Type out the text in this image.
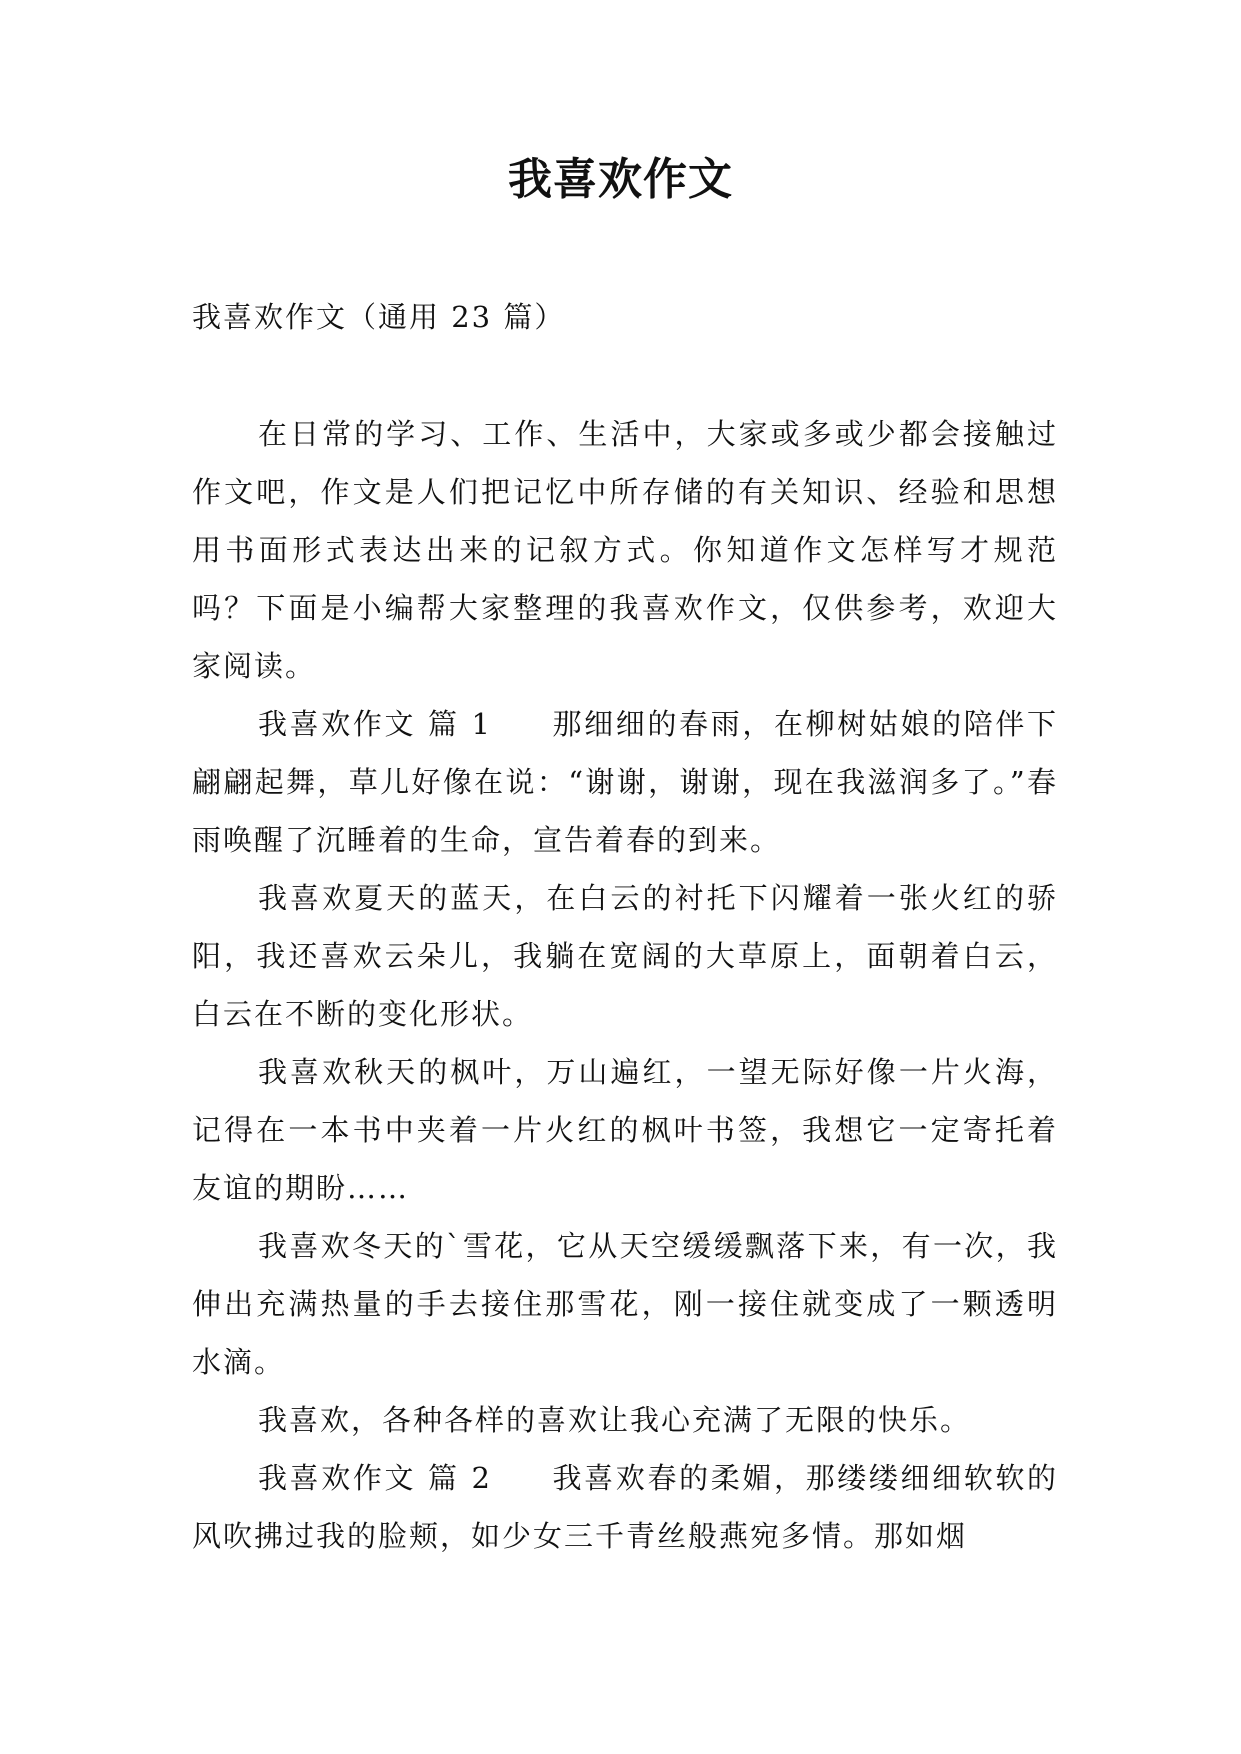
我喜欢作文
我喜欢作文（通用 23 篇）

在日常的学习、工作、生活中，大家或多或少都会接触过作文吧，作文是人们把记忆中所存储的有关知识、经验和思想用书面形式表达出来的记叙方式。你知道作文怎样写才规范吗？下面是小编帮大家整理的我喜欢作文，仅供参考，欢迎大家阅读。

我喜欢作文 篇 1 那细细的春雨，在柳树姑娘的陪伴下翩翩起舞，草儿好像在说：“谢谢，谢谢，现在我滋润多了。”春雨唤醒了沉睡着的生命，宣告着春的到来。

我喜欢夏天的蓝天，在白云的衬托下闪耀着一张火红的骄阳，我还喜欢云朵儿，我躺在宽阔的大草原上，面朝着白云，白云在不断的变化形状。

我喜欢秋天的枫叶，万山遍红，一望无际好像一片火海，记得在一本书中夹着一片火红的枫叶书签，我想它一定寄托着友谊的期盼……

我喜欢冬天的`雪花，它从天空缓缓飘落下来，有一次，我伸出充满热量的手去接住那雪花，刚一接住就变成了一颗透明水滴。

我喜欢，各种各样的喜欢让我心充满了无限的快乐。

我喜欢作文 篇 2 我喜欢春的柔媚，那缕缕细细软软的风吹拂过我的脸颊，如少女三千青丝般燕宛多情。那如烟
